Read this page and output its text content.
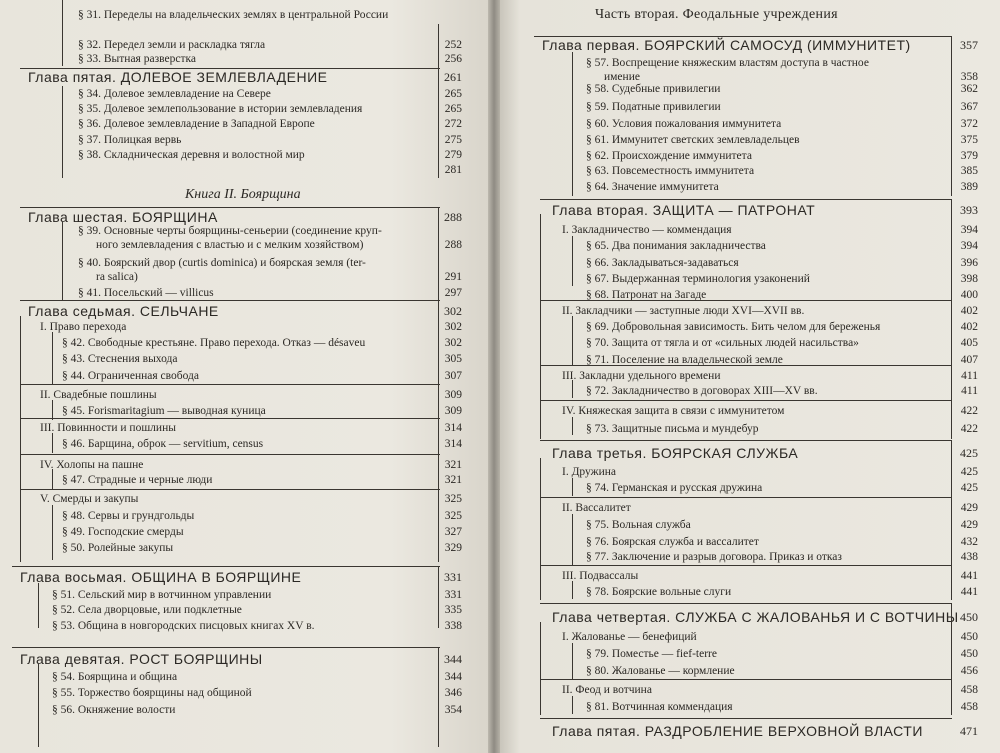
§ 31. Переделы на владельческих землях в центральной России
§ 32. Передел земли и раскладка тягла	252
§ 33. Вытная разверстка	256
Глава пятая. ДОЛЕВОЕ ЗЕМЛЕВЛАДЕНИЕ	261
§ 34. Долевое землевладение на Севере	265
§ 35. Долевое землепользование в истории землевладения	265
§ 36. Долевое землевладение в Западной Европе	272
§ 37. Полицкая вервь	275
§ 38. Складническая деревня и волостной мир	279
281
Книга II. Боярщина
Глава шестая. БОЯРЩИНА	288
§ 39. Основные черты боярщины-сеньерии (соединение круп-
ного землевладения с властью и с мелким хозяйством)	288
§ 40. Боярский двор (curtis dominica) и боярская земля (ter-
ra salica)	291
§ 41. Посельский — villicus	297
Глава седьмая. СЕЛЬЧАНЕ	302
I. Право перехода	302
§ 42. Свободные крестьяне. Право перехода. Отказ — désaveu	302
§ 43. Стеснения выхода	305
§ 44. Ограниченная свобода	307
II. Свадебные пошлины	309
§ 45. Forismaritagium — выводная куница	309
III. Повинности и пошлины	314
§ 46. Барщина, оброк — servitium, census	314
IV. Холопы на пашне	321
§ 47. Страдные и черные люди	321
V. Смерды и закупы	325
§ 48. Сервы и грундгольды	325
§ 49. Господские смерды	327
§ 50. Ролейные закупы	329
Глава восьмая. ОБЩИНА В БОЯРЩИНЕ	331
§ 51. Сельский мир в вотчинном управлении	331
§ 52. Села дворцовые, или подклетные	335
§ 53. Община в новгородских писцовых книгах XV в.	338
Глава девятая. РОСТ БОЯРЩИНЫ	344
§ 54. Боярщина и община	344
§ 55. Торжество боярщины над общиной	346
§ 56. Окняжение волости	354
Часть вторая. Феодальные учреждения
Глава первая. БОЯРСКИЙ САМОСУД (ИММУНИТЕТ)	357
§ 57. Воспрещение княжеским властям доступа в частное
имение	358
§ 58. Судебные привилегии	362
§ 59. Податные привилегии	367
§ 60. Условия пожалования иммунитета	372
§ 61. Иммунитет светских землевладельцев	375
§ 62. Происхождение иммунитета	379
§ 63. Повсеместность иммунитета	385
§ 64. Значение иммунитета	389
Глава вторая. ЗАЩИТА — ПАТРОНАТ	393
I. Закладничество — коммендация	394
§ 65. Два понимания закладничества	394
§ 66. Закладываться-задаваться	396
§ 67. Выдержанная терминология узаконений	398
§ 68. Патронат на Загаде	400
II. Закладчики — заступные люди XVI—XVII вв.	402
§ 69. Добровольная зависимость. Бить челом для береженья	402
§ 70. Защита от тягла и от «сильных людей насильства»	405
§ 71. Поселение на владельческой земле	407
III. Закладни удельного времени	411
§ 72. Закладничество в договорах XIII—XV вв.	411
IV. Княжеская защита в связи с иммунитетом	422
§ 73. Защитные письма и мундебур	422
Глава третья. БОЯРСКАЯ СЛУЖБА	425
I. Дружина	425
§ 74. Германская и русская дружина	425
II. Вассалитет	429
§ 75. Вольная служба	429
§ 76. Боярская служба и вассалитет	432
§ 77. Заключение и разрыв договора. Приказ и отказ	438
III. Подвассалы	441
§ 78. Боярские вольные слуги	441
Глава четвертая. СЛУЖБА С ЖАЛОВАНЬЯ И С ВОТЧИНЫ 450
I. Жалованье — бенефиций	450
§ 79. Поместье — fief-terre	450
§ 80. Жалованье — кормление	456
II. Феод и вотчина	458
§ 81. Вотчинная коммендация	458
Глава пятая. РАЗДРОБЛЕНИЕ ВЕРХОВНОЙ ВЛАСТИ	471
